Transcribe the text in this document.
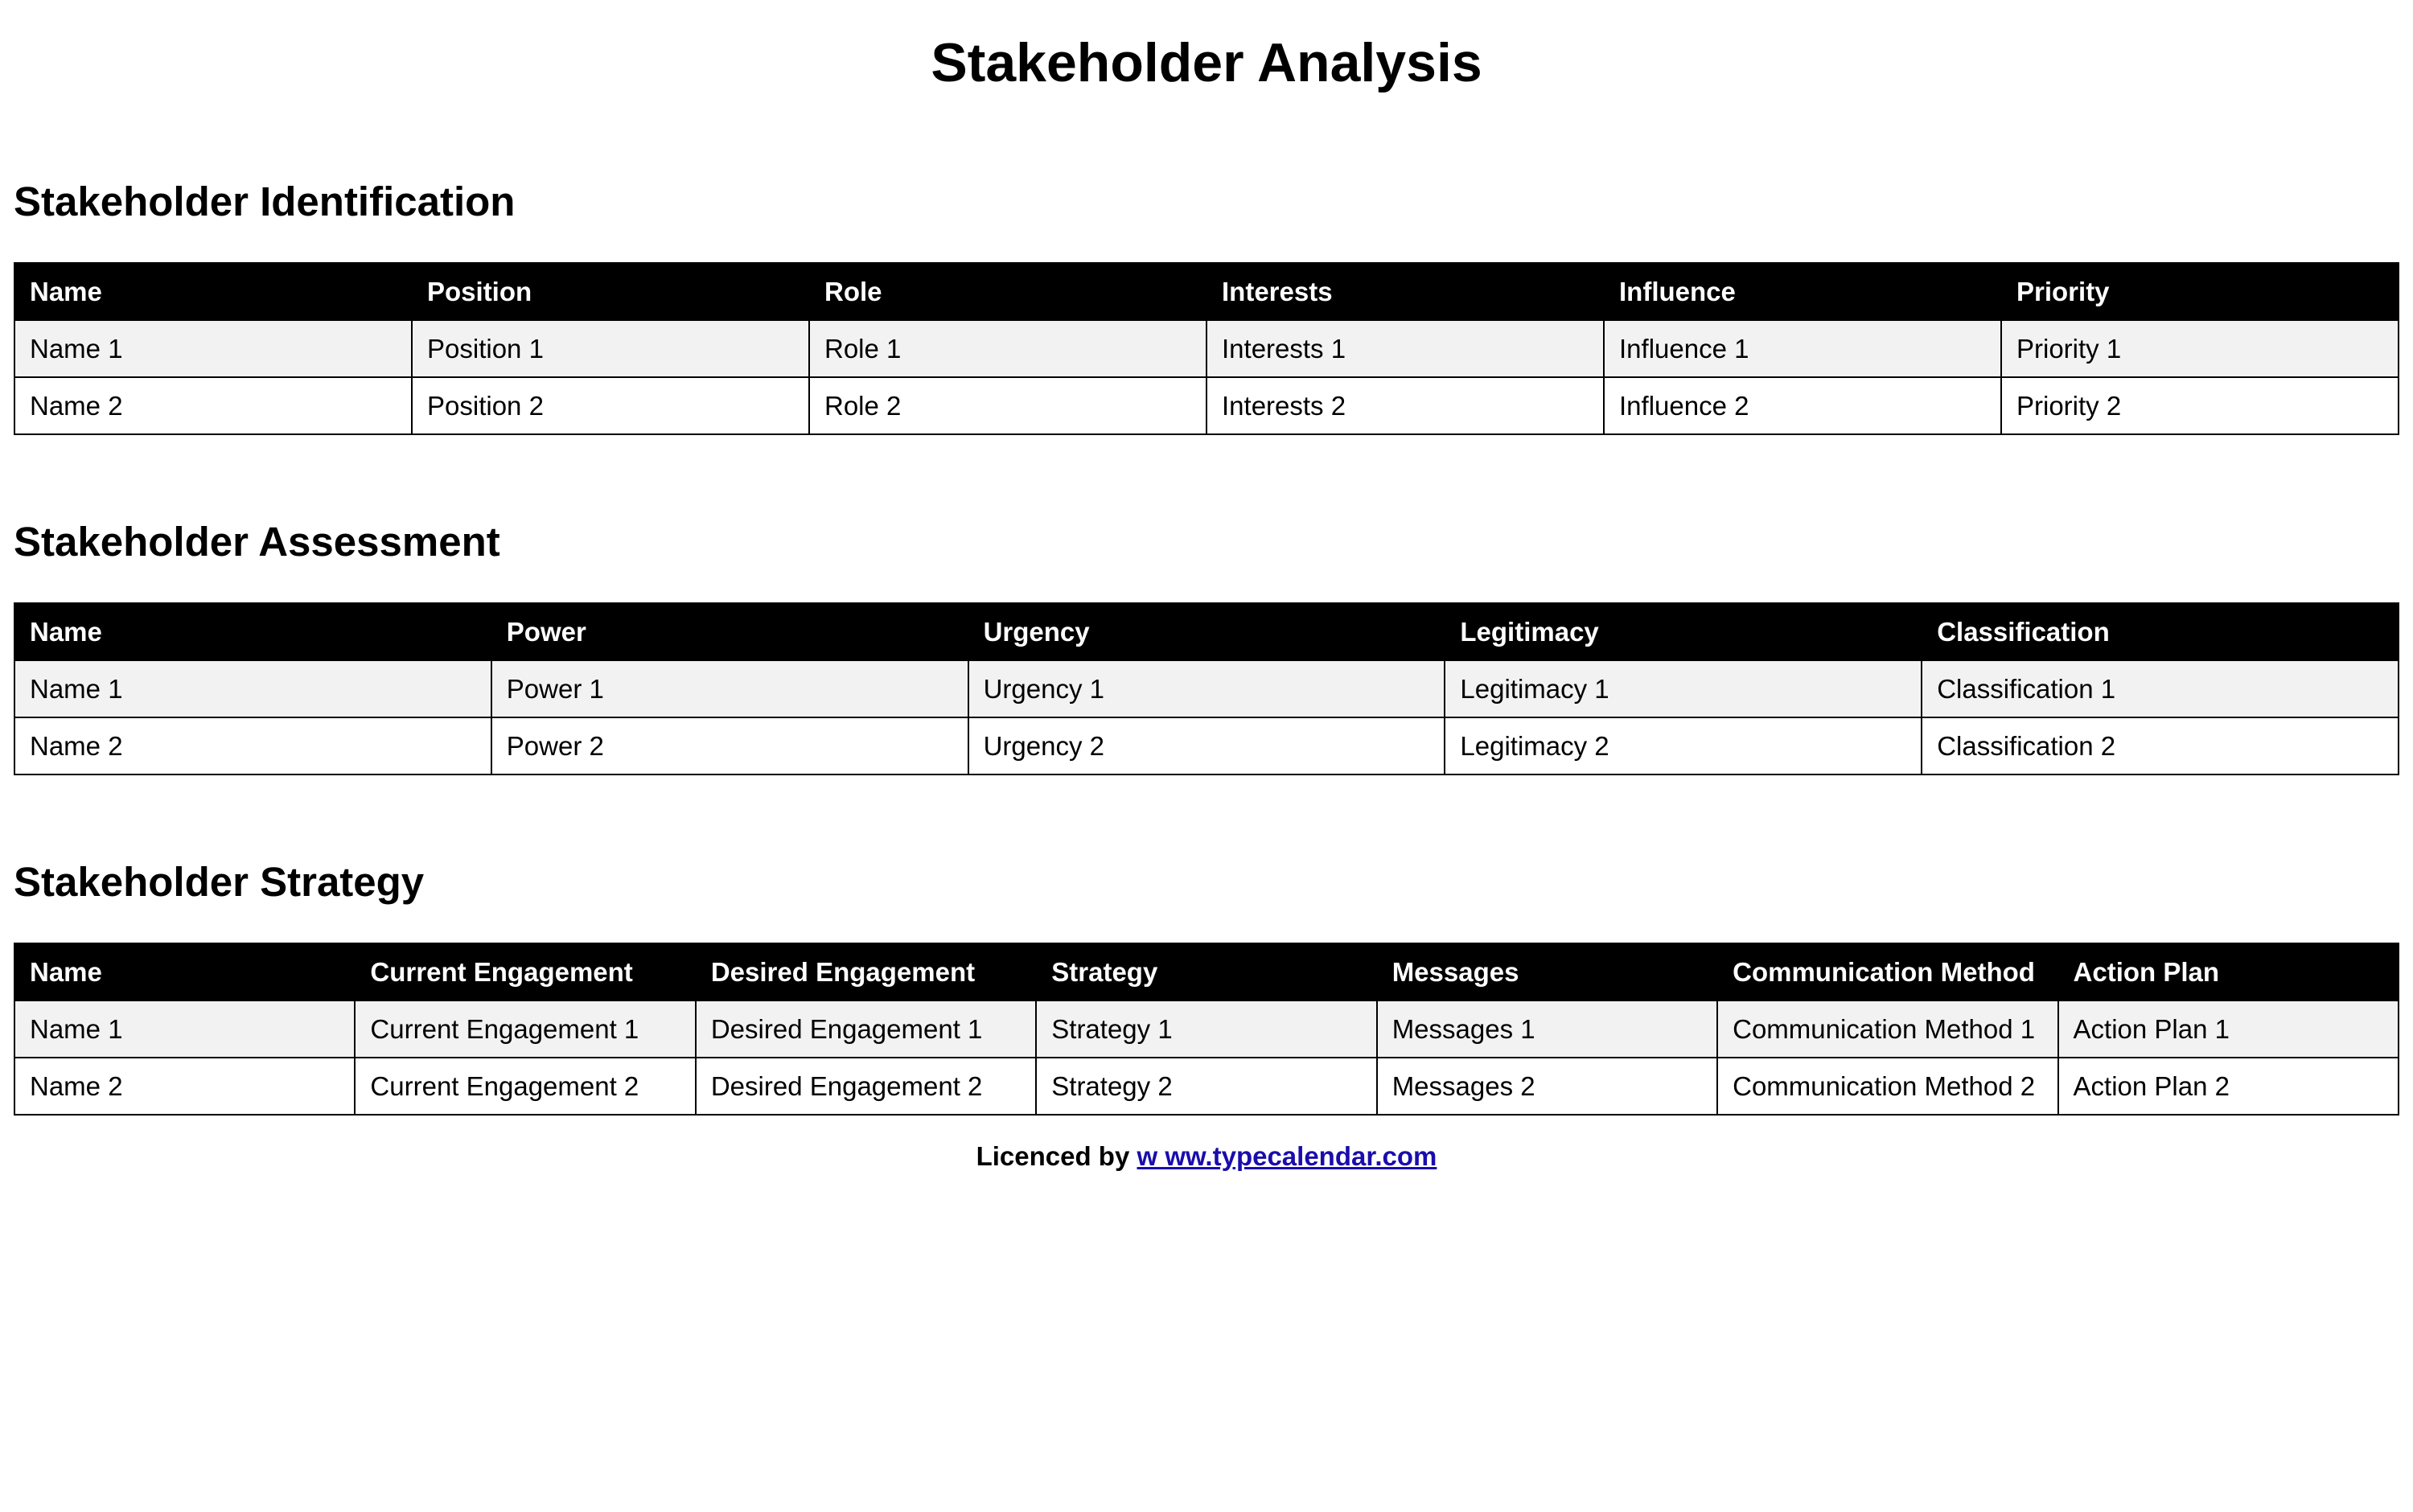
Stakeholder Analysis
Stakeholder Identification
Name	Position	Role	Interests	Influence	Priority
Name 1	Position 1	Role 1	Interests 1	Influence 1	Priority 1
Name 2	Position 2	Role 2	Interests 2	Influence 2	Priority 2
Stakeholder Assessment
Name	Power	Urgency	Legitimacy	Classification
Name 1	Power 1	Urgency 1	Legitimacy 1	Classification 1
Name 2	Power 2	Urgency 2	Legitimacy 2	Classification 2
Stakeholder Strategy
Name	Current Engagement	Desired Engagement	Strategy	Messages	Communication Method	Action Plan
Name 1	Current Engagement 1	Desired Engagement 1	Strategy 1	Messages 1	Communication Method 1	Action Plan 1
Name 2	Current Engagement 2	Desired Engagement 2	Strategy 2	Messages 2	Communication Method 2	Action Plan 2
Licenced by w ww.typecalendar.com
